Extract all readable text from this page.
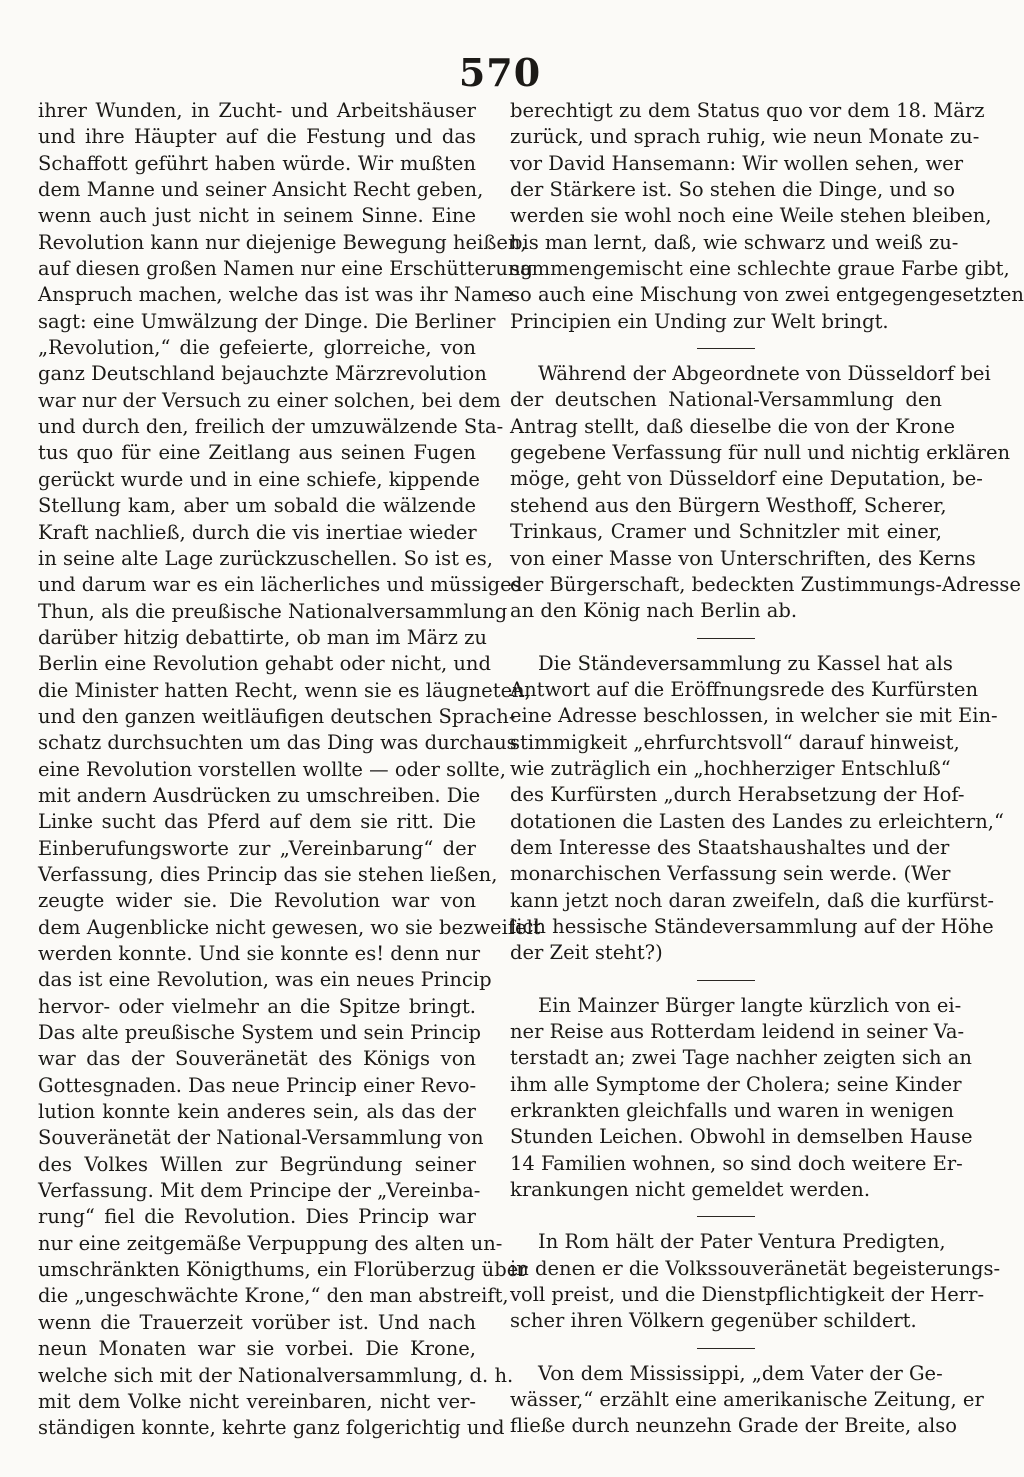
570
ihrer Wunden, in Zucht- und Arbeitshäuser
und ihre Häupter auf die Festung und das
Schaffott geführt haben würde. Wir mußten
dem Manne und seiner Ansicht Recht geben,
wenn auch just nicht in seinem Sinne. Eine
Revolution kann nur diejenige Bewegung heißen,
auf diesen großen Namen nur eine Erschütterung
Anspruch machen, welche das ist was ihr Name
sagt: eine Umwälzung der Dinge. Die Berliner
„Revolution,“ die gefeierte, glorreiche, von
ganz Deutschland bejauchzte Märzrevolution
war nur der Versuch zu einer solchen, bei dem
und durch den, freilich der umzuwälzende Sta-
tus quo für eine Zeitlang aus seinen Fugen
gerückt wurde und in eine schiefe, kippende
Stellung kam, aber um sobald die wälzende
Kraft nachließ, durch die vis inertiae wieder
in seine alte Lage zurückzuschellen. So ist es,
und darum war es ein lächerliches und müssiges
Thun, als die preußische Nationalversammlung
darüber hitzig debattirte, ob man im März zu
Berlin eine Revolution gehabt oder nicht, und
die Minister hatten Recht, wenn sie es läugneten,
und den ganzen weitläufigen deutschen Sprach-
schatz durchsuchten um das Ding was durchaus
eine Revolution vorstellen wollte — oder sollte,
mit andern Ausdrücken zu umschreiben. Die
Linke sucht das Pferd auf dem sie ritt. Die
Einberufungsworte zur „Vereinbarung“ der
Verfassung, dies Princip das sie stehen ließen,
zeugte wider sie. Die Revolution war von
dem Augenblicke nicht gewesen, wo sie bezweifelt
werden konnte. Und sie konnte es! denn nur
das ist eine Revolution, was ein neues Princip
hervor- oder vielmehr an die Spitze bringt.
Das alte preußische System und sein Princip
war das der Souveränetät des Königs von
Gottesgnaden. Das neue Princip einer Revo-
lution konnte kein anderes sein, als das der
Souveränetät der National-Versammlung von
des Volkes Willen zur Begründung seiner
Verfassung. Mit dem Principe der „Vereinba-
rung“ fiel die Revolution. Dies Princip war
nur eine zeitgemäße Verpuppung des alten un-
umschränkten Königthums, ein Florüberzug über
die „ungeschwächte Krone,“ den man abstreift,
wenn die Trauerzeit vorüber ist. Und nach
neun Monaten war sie vorbei. Die Krone,
welche sich mit der Nationalversammlung, d. h.
mit dem Volke nicht vereinbaren, nicht ver-
ständigen konnte, kehrte ganz folgerichtig und
berechtigt zu dem Status quo vor dem 18. März
zurück, und sprach ruhig, wie neun Monate zu-
vor David Hansemann: Wir wollen sehen, wer
der Stärkere ist. So stehen die Dinge, und so
werden sie wohl noch eine Weile stehen bleiben,
bis man lernt, daß, wie schwarz und weiß zu-
sammengemischt eine schlechte graue Farbe gibt,
so auch eine Mischung von zwei entgegengesetzten
Principien ein Unding zur Welt bringt.
Während der Abgeordnete von Düsseldorf bei
der deutschen National-Versammlung den
Antrag stellt, daß dieselbe die von der Krone
gegebene Verfassung für null und nichtig erklären
möge, geht von Düsseldorf eine Deputation, be-
stehend aus den Bürgern Westhoff, Scherer,
Trinkaus, Cramer und Schnitzler mit einer,
von einer Masse von Unterschriften, des Kerns
der Bürgerschaft, bedeckten Zustimmungs-Adresse
an den König nach Berlin ab.
Die Ständeversammlung zu Kassel hat als
Antwort auf die Eröffnungsrede des Kurfürsten
eine Adresse beschlossen, in welcher sie mit Ein-
stimmigkeit „ehrfurchtsvoll“ darauf hinweist,
wie zuträglich ein „hochherziger Entschluß“
des Kurfürsten „durch Herabsetzung der Hof-
dotationen die Lasten des Landes zu erleichtern,“
dem Interesse des Staatshaushaltes und der
monarchischen Verfassung sein werde. (Wer
kann jetzt noch daran zweifeln, daß die kurfürst-
lich hessische Ständeversammlung auf der Höhe
der Zeit steht?)
Ein Mainzer Bürger langte kürzlich von ei-
ner Reise aus Rotterdam leidend in seiner Va-
terstadt an; zwei Tage nachher zeigten sich an
ihm alle Symptome der Cholera; seine Kinder
erkrankten gleichfalls und waren in wenigen
Stunden Leichen. Obwohl in demselben Hause
14 Familien wohnen, so sind doch weitere Er-
krankungen nicht gemeldet werden.
In Rom hält der Pater Ventura Predigten,
in denen er die Volkssouveränetät begeisterungs-
voll preist, und die Dienstpflichtigkeit der Herr-
scher ihren Völkern gegenüber schildert.
Von dem Mississippi, „dem Vater der Ge-
wässer,“ erzählt eine amerikanische Zeitung, er
fließe durch neunzehn Grade der Breite, also
